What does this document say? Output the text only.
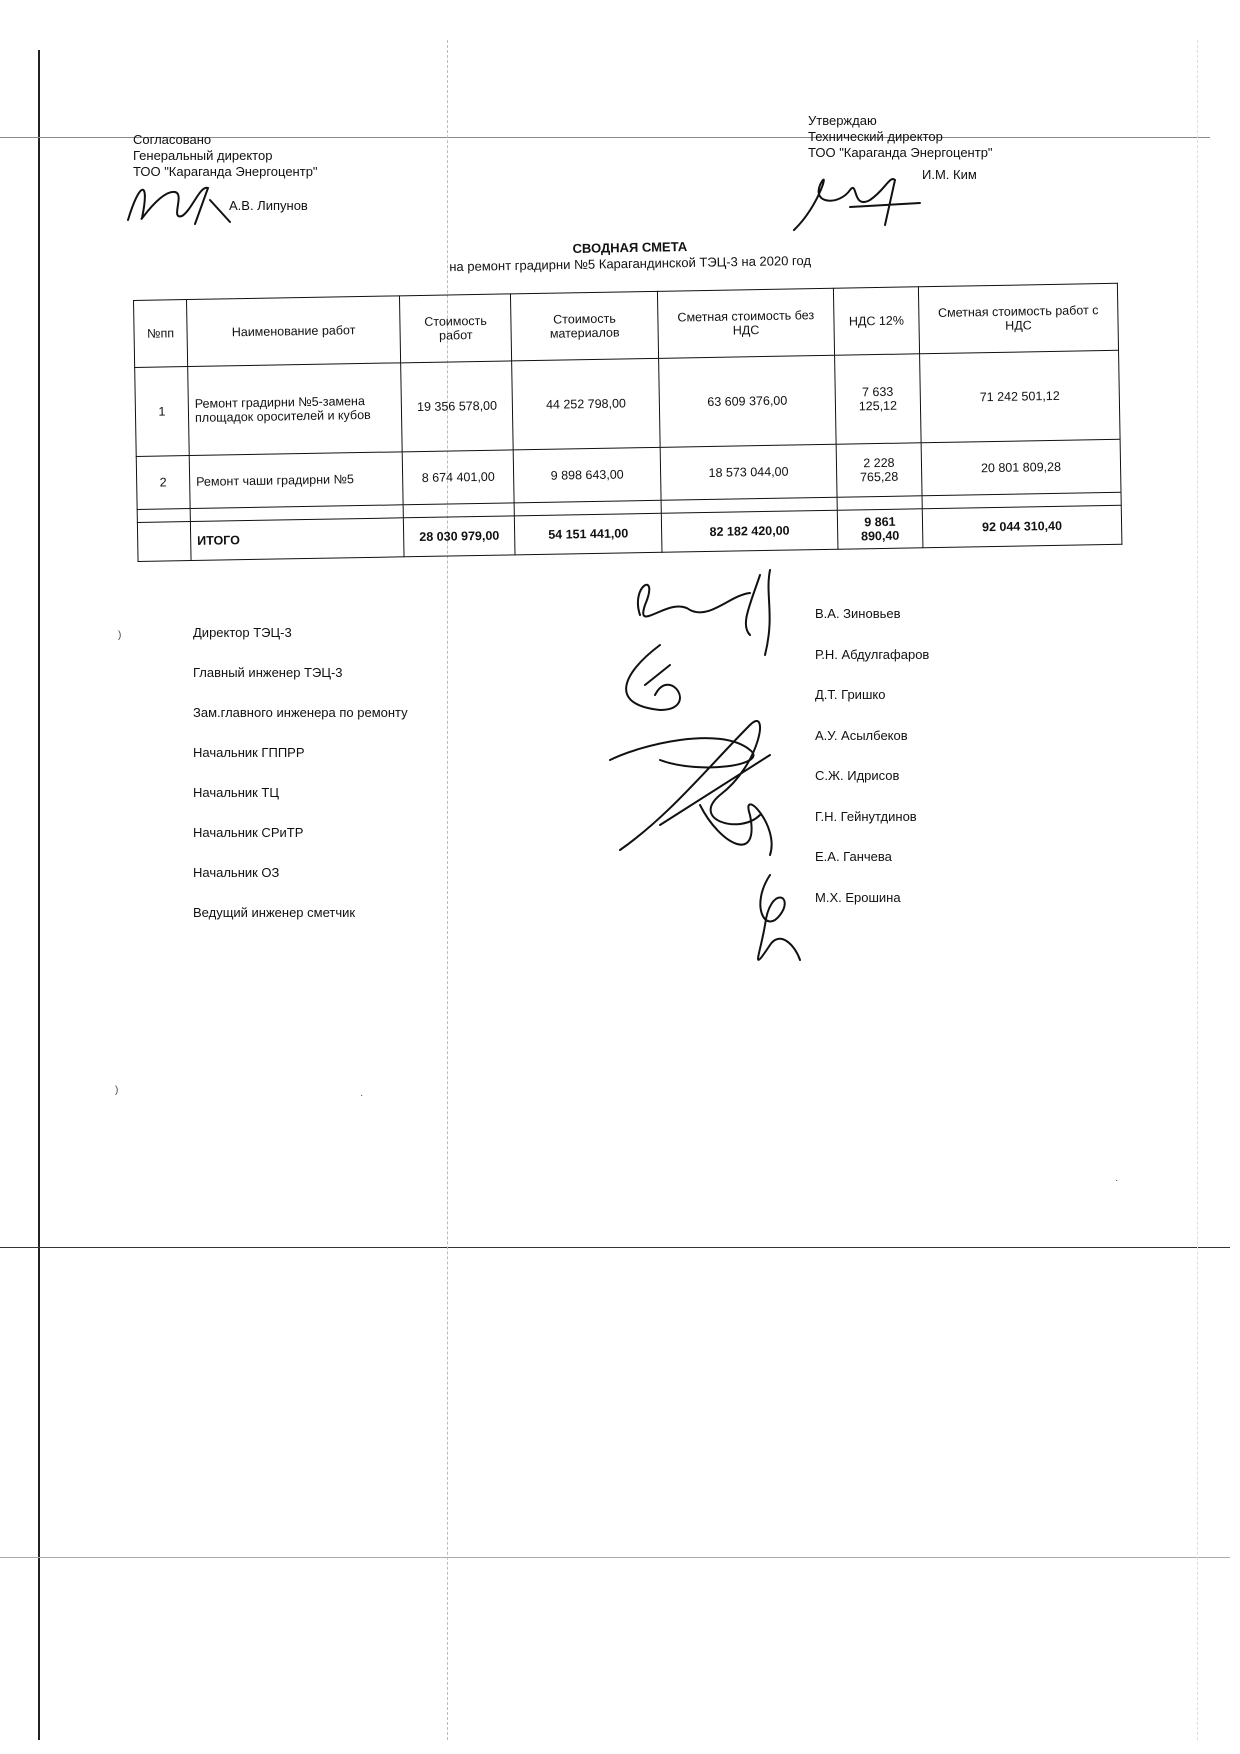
Согласовано
Генеральный директор
ТОО "Караганда Энергоцентр"
А.В. Липунов
Утверждаю
Технический директор
ТОО "Караганда Энергоцентр"
И.М. Ким
СВОДНАЯ СМЕТА
на ремонт градирни №5 Карагандинской ТЭЦ-3 на 2020 год
№пп	Наименование работ	Стоимость работ	Стоимость материалов	Сметная стоимость без НДС	НДС 12%	Сметная стоимость работ с НДС
1	Ремонт градирни №5-замена площадок оросителей и кубов	19 356 578,00	44 252 798,00	63 609 376,00	7 633 125,12	71 242 501,12
2	Ремонт чаши градирни №5	8 674 401,00	9 898 643,00	18 573 044,00	2 228 765,28	20 801 809,28

	ИТОГО	28 030 979,00	54 151 441,00	82 182 420,00	9 861 890,40	92 044 310,40
Директор ТЭЦ-3
Главный инженер ТЭЦ-3
Зам.главного инженера по ремонту
Начальник ГППРР
Начальник ТЦ
Начальник СРиТР
Начальник ОЗ
Ведущий инженер сметчик
В.А. Зиновьев
Р.Н. Абдулгафаров
Д.Т. Гришко
А.У. Асылбеков
С.Ж. Идрисов
Г.Н. Гейнутдинов
Е.А. Ганчева
М.Х. Ерошина
)
)	·
·
